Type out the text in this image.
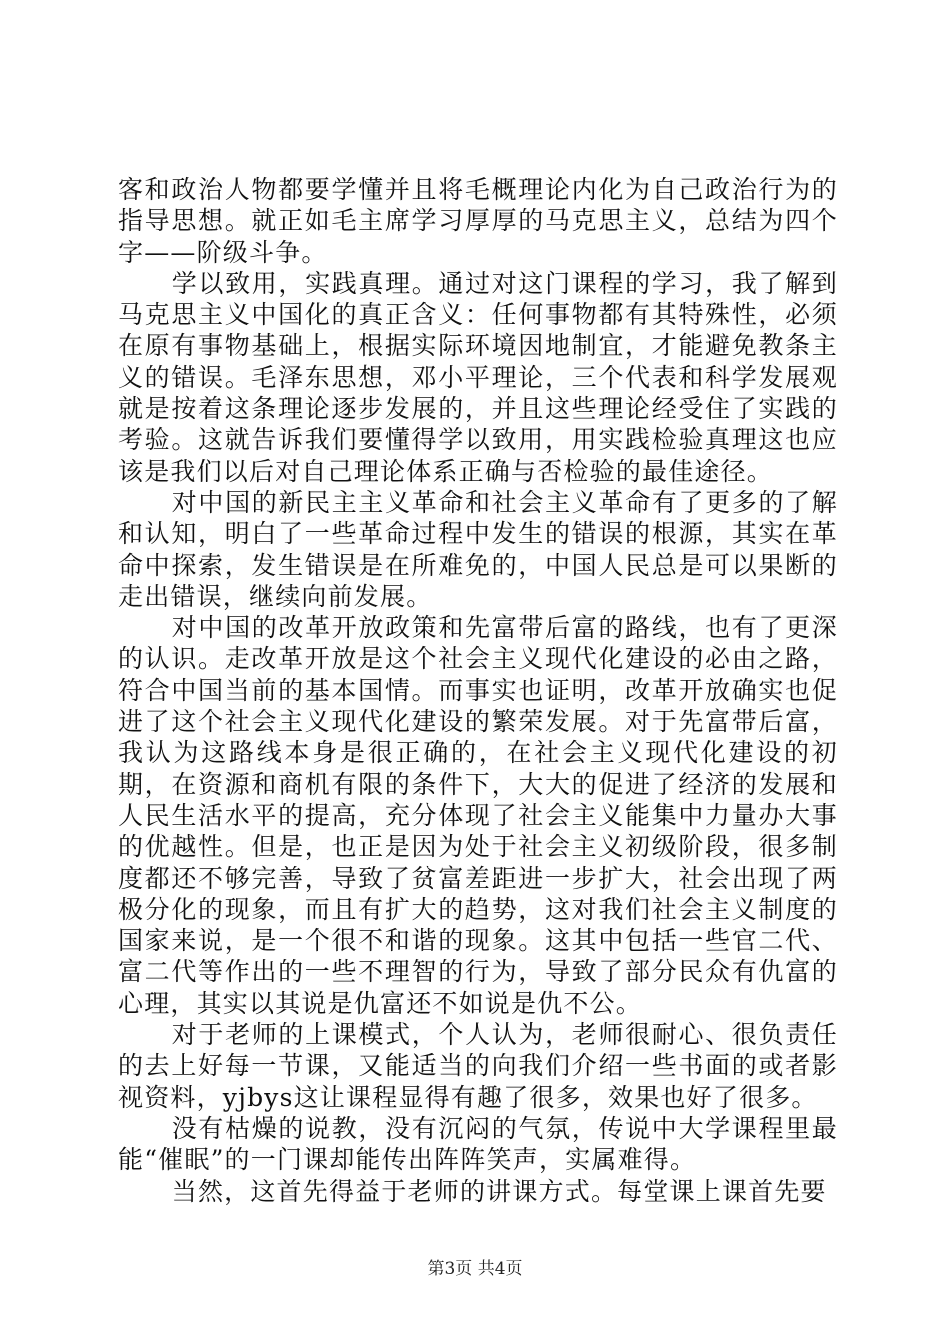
客和政治人物都要学懂并且将毛概理论内化为自己政治行为的指导思想。就正如毛主席学习厚厚的马克思主义，总结为四个字——阶级斗争。

学以致用，实践真理。通过对这门课程的学习，我了解到马克思主义中国化的真正含义：任何事物都有其特殊性，必须在原有事物基础上，根据实际环境因地制宜，才能避免教条主义的错误。毛泽东思想，邓小平理论，三个代表和科学发展观就是按着这条理论逐步发展的，并且这些理论经受住了实践的考验。这就告诉我们要懂得学以致用，用实践检验真理这也应该是我们以后对自己理论体系正确与否检验的最佳途径。

对中国的新民主主义革命和社会主义革命有了更多的了解和认知，明白了一些革命过程中发生的错误的根源，其实在革命中探索，发生错误是在所难免的，中国人民总是可以果断的走出错误，继续向前发展。

对中国的改革开放政策和先富带后富的路线，也有了更深的认识。走改革开放是这个社会主义现代化建设的必由之路，符合中国当前的基本国情。而事实也证明，改革开放确实也促进了这个社会主义现代化建设的繁荣发展。对于先富带后富，我认为这路线本身是很正确的，在社会主义现代化建设的初期，在资源和商机有限的条件下，大大的促进了经济的发展和人民生活水平的提高，充分体现了社会主义能集中力量办大事的优越性。但是，也正是因为处于社会主义初级阶段，很多制度都还不够完善，导致了贫富差距进一步扩大，社会出现了两极分化的现象，而且有扩大的趋势，这对我们社会主义制度的国家来说，是一个很不和谐的现象。这其中包括一些官二代、富二代等作出的一些不理智的行为，导致了部分民众有仇富的心理，其实以其说是仇富还不如说是仇不公。

对于老师的上课模式，个人认为，老师很耐心、很负责任的去上好每一节课，又能适当的向我们介绍一些书面的或者影视资料，yjbys这让课程显得有趣了很多，效果也好了很多。

没有枯燥的说教，没有沉闷的气氛，传说中大学课程里最能“催眠”的一门课却能传出阵阵笑声，实属难得。

当然，这首先得益于老师的讲课方式。每堂课上课首先要

第3页 共4页
